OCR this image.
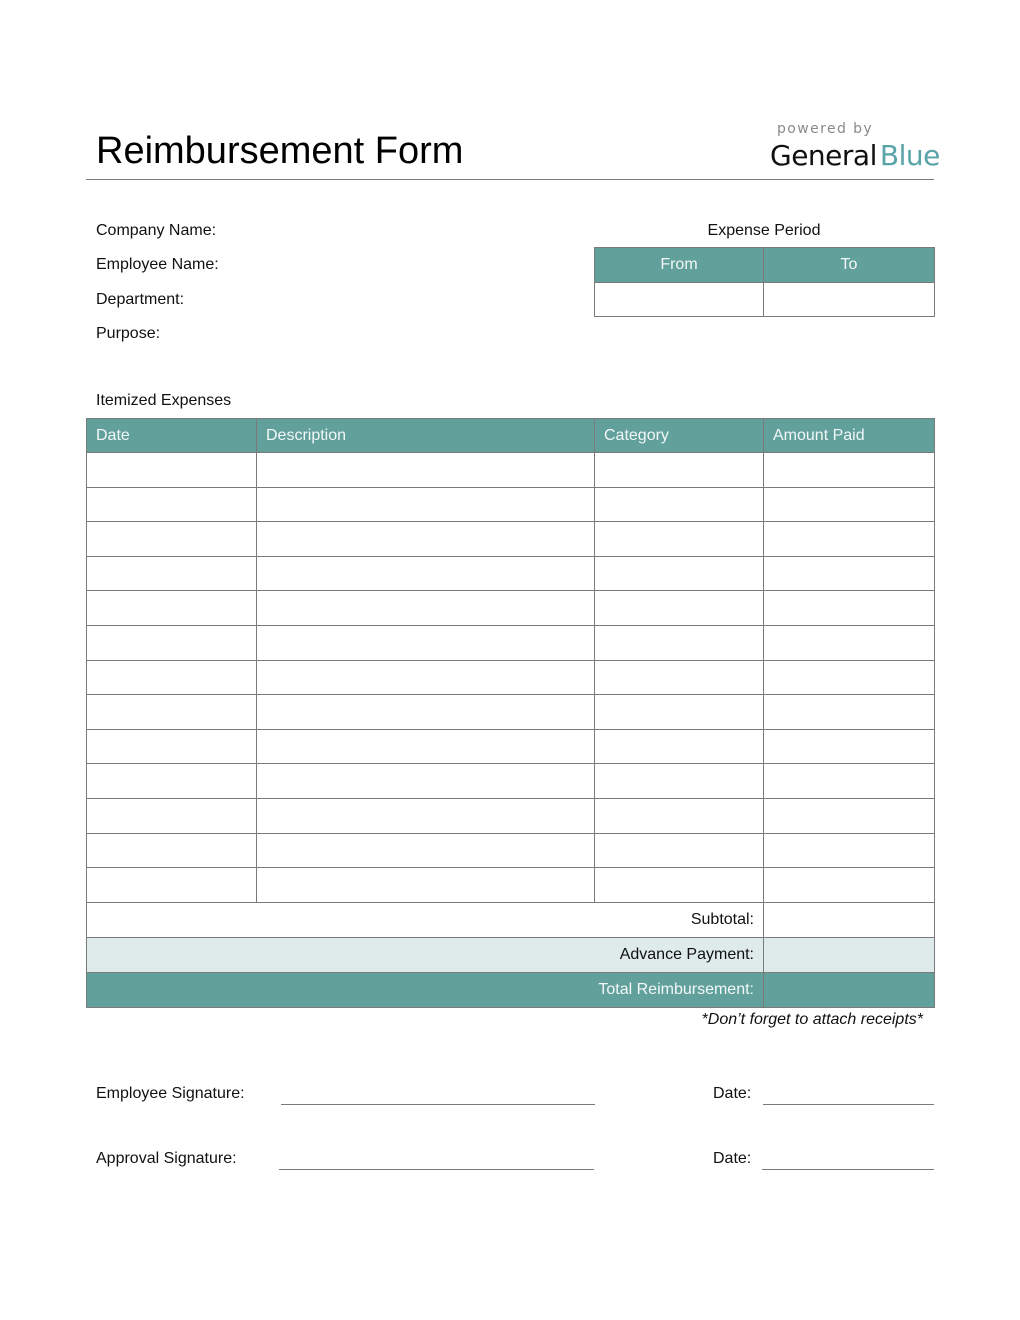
Reimbursement Form
powered by
General Blue
Company Name:
Employee Name:
Department:
Purpose:
Expense Period
From	To

Itemized Expenses
Date	Description	Category	Amount Paid

Subtotal:			
Advance Payment:			
Total Reimbursement:			
*Don’t forget to attach receipts*
Employee Signature:	Date:
Approval Signature:	Date:
